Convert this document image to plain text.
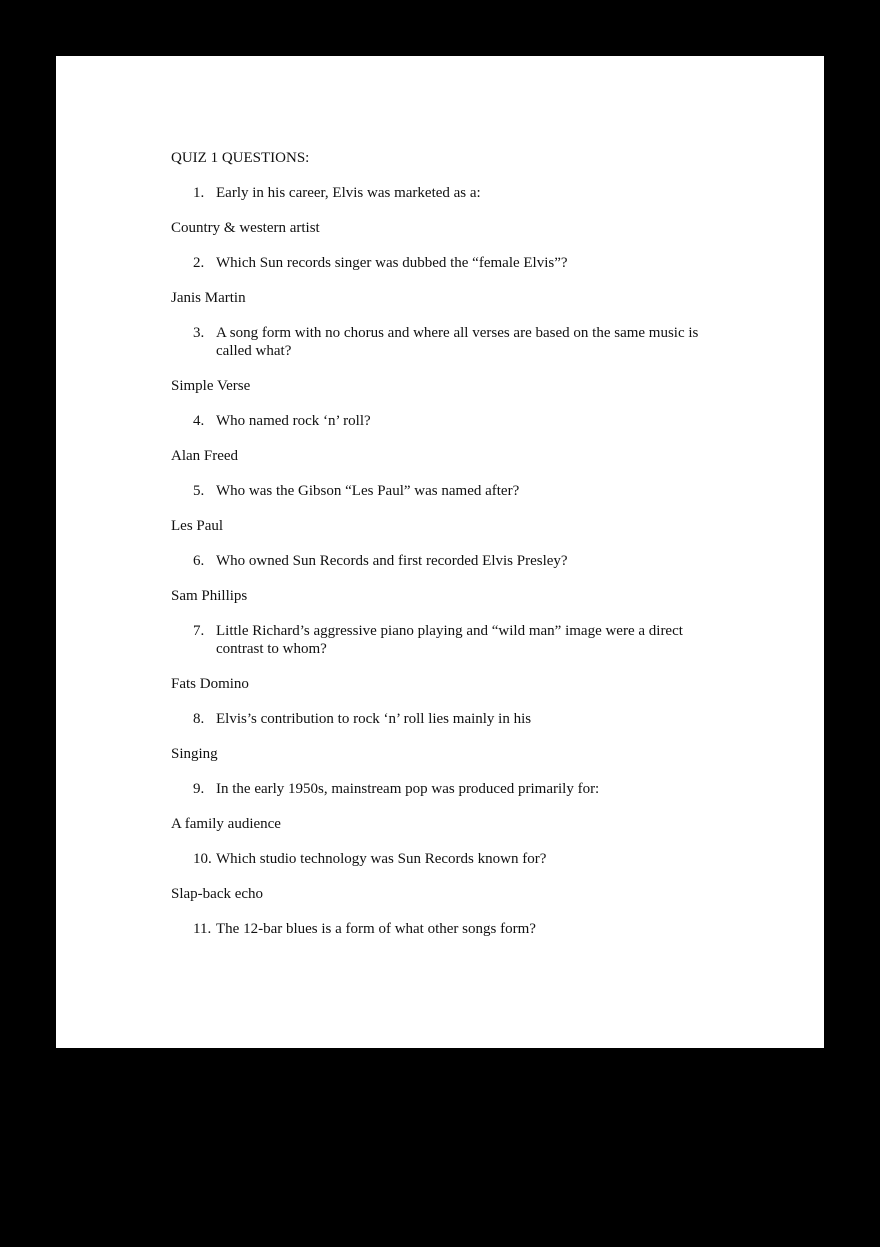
QUIZ 1 QUESTIONS:
1. Early in his career, Elvis was marketed as a:
Country & western artist
2. Which Sun records singer was dubbed the “female Elvis”?
Janis Martin
3. A song form with no chorus and where all verses are based on the same music is called what?
Simple Verse
4. Who named rock ‘n’ roll?
Alan Freed
5. Who was the Gibson “Les Paul” was named after?
Les Paul
6. Who owned Sun Records and first recorded Elvis Presley?
Sam Phillips
7. Little Richard’s aggressive piano playing and “wild man” image were a direct contrast to whom?
Fats Domino
8. Elvis’s contribution to rock ‘n’ roll lies mainly in his
Singing
9. In the early 1950s, mainstream pop was produced primarily for:
A family audience
10. Which studio technology was Sun Records known for?
Slap-back echo
11. The 12-bar blues is a form of what other songs form?
